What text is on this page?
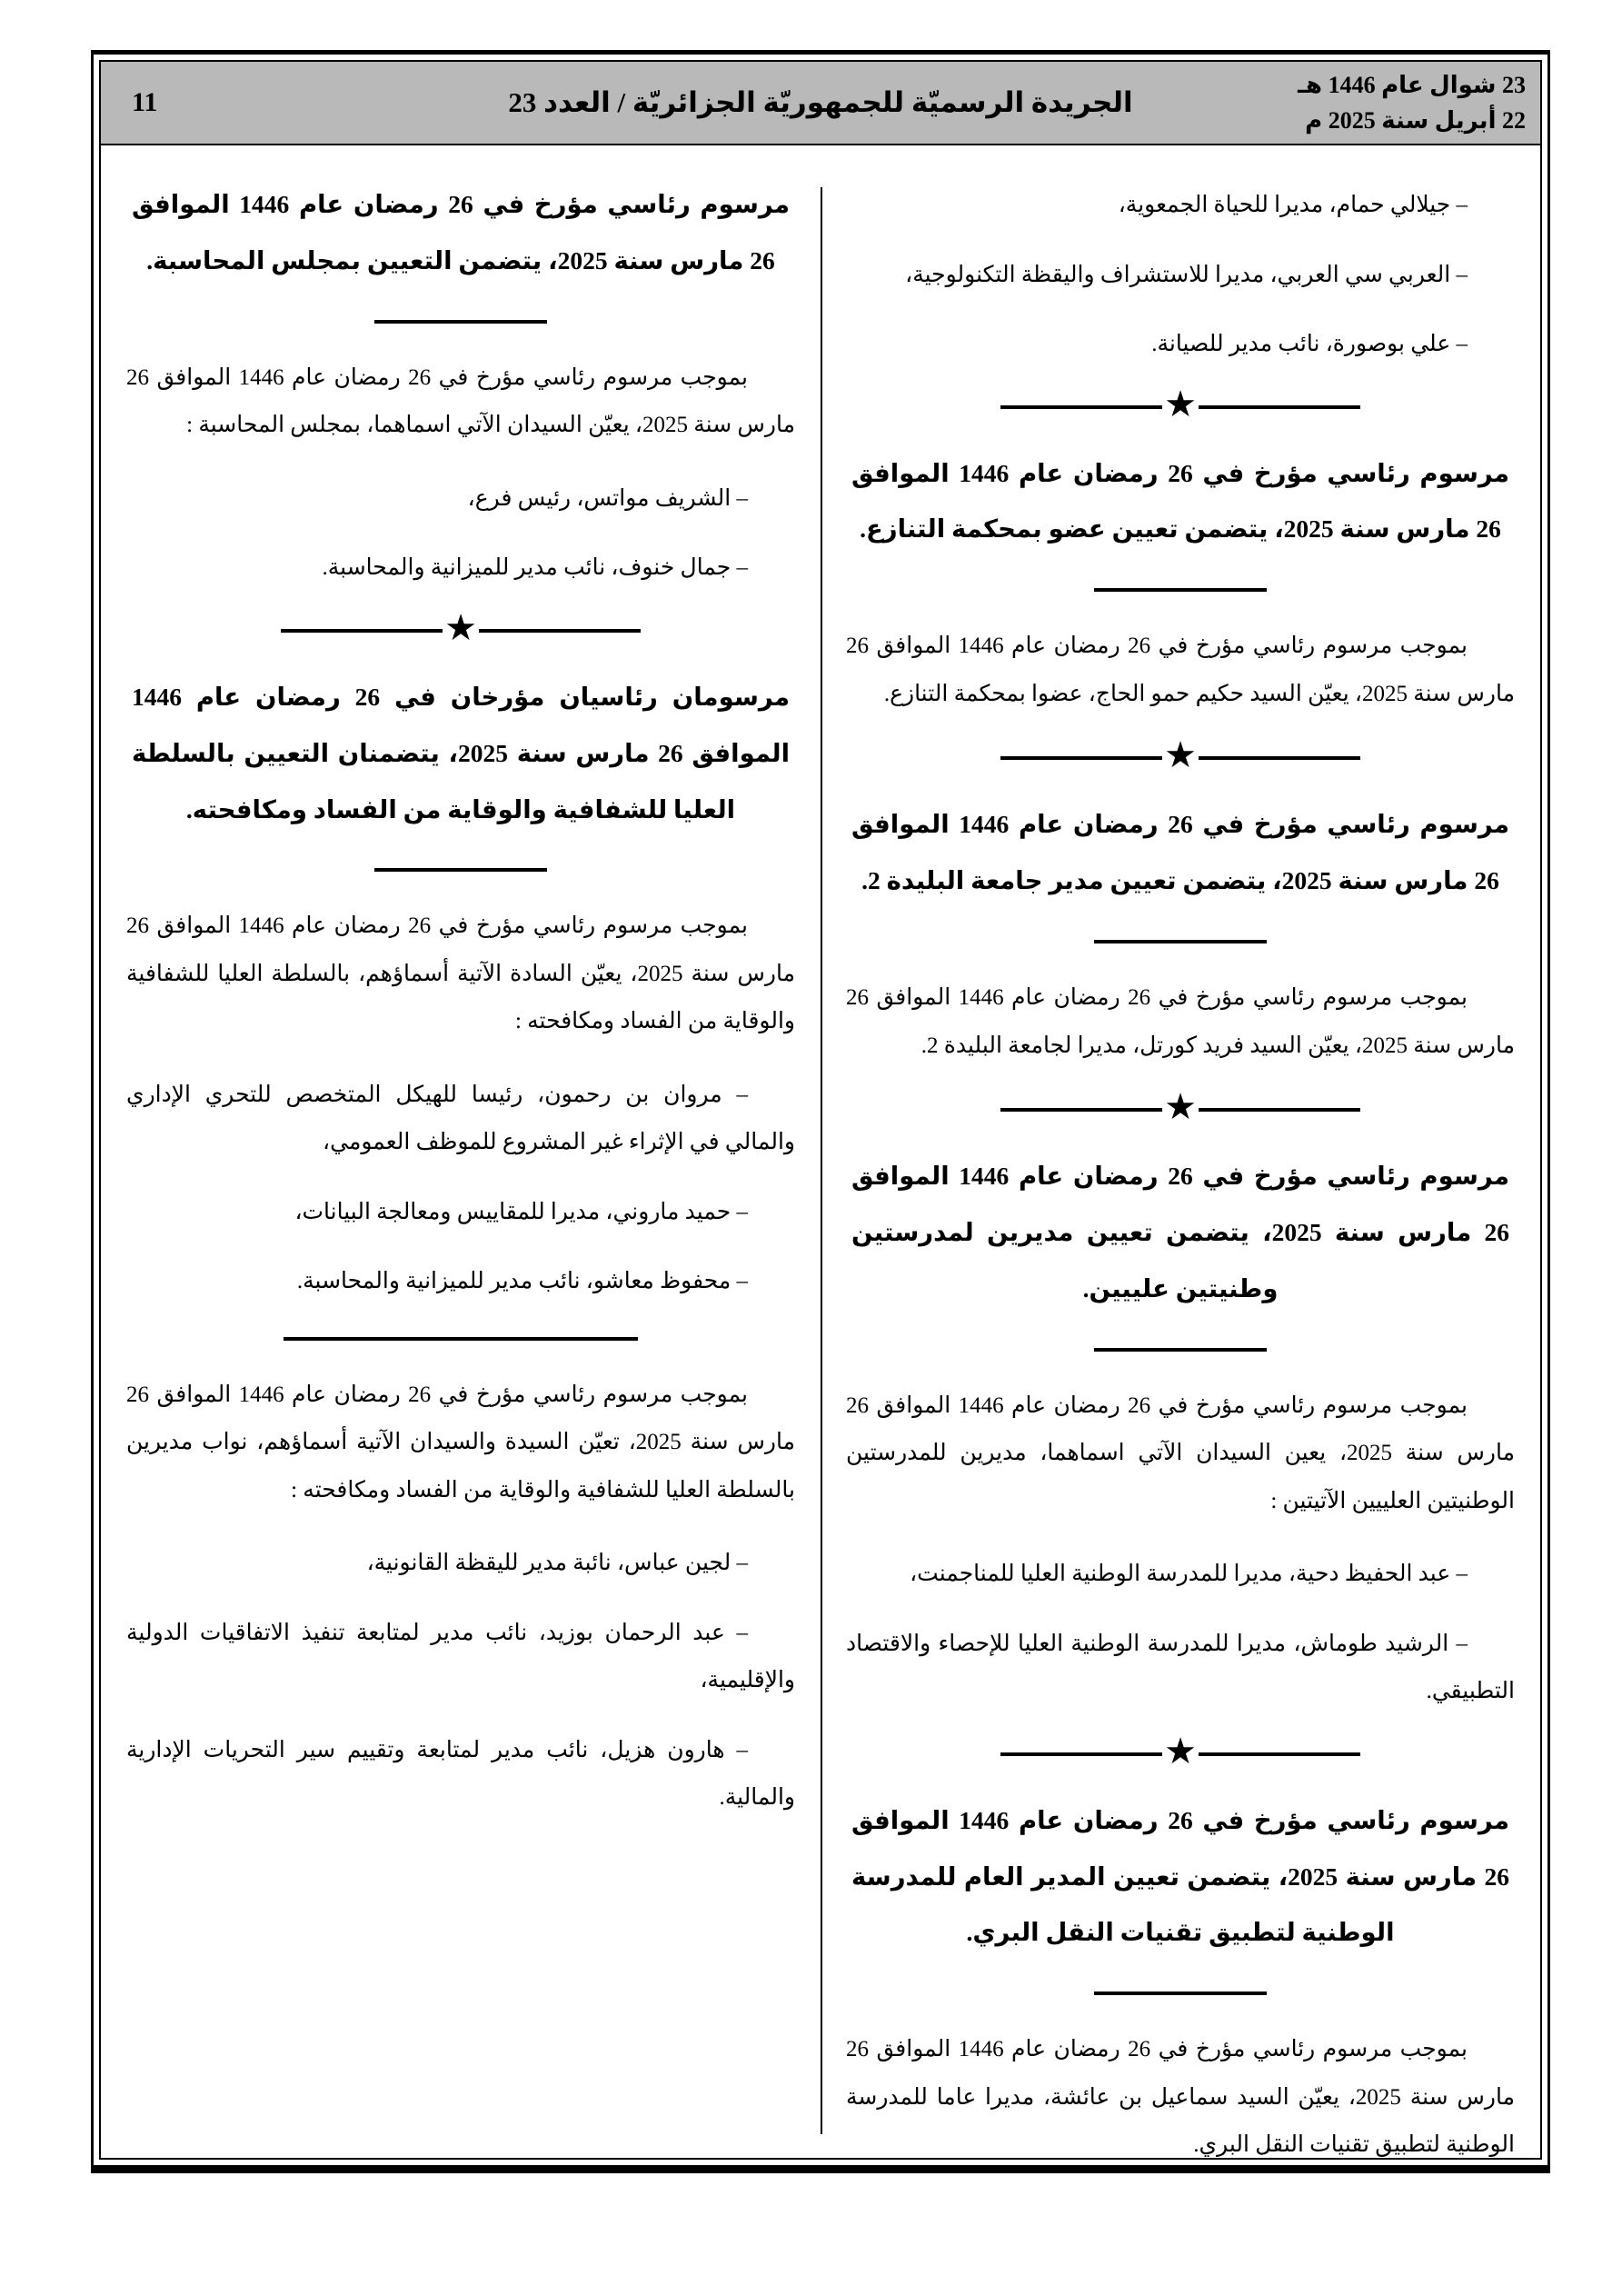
23 شوال عام 1446 هـ
22 أبريل سنة 2025 م
الجريدة الرسميّة للجمهوريّة الجزائريّة / العدد 23
11
– جيلالي حمام، مديرا للحياة الجمعوية،
– العربي سي العربي، مديرا للاستشراف واليقظة التكنولوجية،
– علي بوصورة، نائب مدير للصيانة.
★
مرسوم رئاسي مؤرخ في 26 رمضان عام 1446 الموافق 26 مارس سنة 2025، يتضمن تعيين عضو بمحكمة التنازع.
بموجب مرسوم رئاسي مؤرخ في 26 رمضان عام 1446 الموافق 26 مارس سنة 2025، يعيّن السيد حكيم حمو الحاج، عضوا بمحكمة التنازع.
★
مرسوم رئاسي مؤرخ في 26 رمضان عام 1446 الموافق 26 مارس سنة 2025، يتضمن تعيين مدير جامعة البليدة 2.
بموجب مرسوم رئاسي مؤرخ في 26 رمضان عام 1446 الموافق 26 مارس سنة 2025، يعيّن السيد فريد كورتل، مديرا لجامعة البليدة 2.
★
مرسوم رئاسي مؤرخ في 26 رمضان عام 1446 الموافق 26 مارس سنة 2025، يتضمن تعيين مديرين لمدرستين وطنيتين علييين.
بموجب مرسوم رئاسي مؤرخ في 26 رمضان عام 1446 الموافق 26 مارس سنة 2025، يعين السيدان الآتي اسماهما، مديرين للمدرستين الوطنيتين العلييين الآتيتين :
– عبد الحفيظ دحية، مديرا للمدرسة الوطنية العليا للمناجمنت،
– الرشيد طوماش، مديرا للمدرسة الوطنية العليا للإحصاء والاقتصاد التطبيقي.
★
مرسوم رئاسي مؤرخ في 26 رمضان عام 1446 الموافق 26 مارس سنة 2025، يتضمن تعيين المدير العام للمدرسة الوطنية لتطبيق تقنيات النقل البري.
بموجب مرسوم رئاسي مؤرخ في 26 رمضان عام 1446 الموافق 26 مارس سنة 2025، يعيّن السيد سماعيل بن عائشة، مديرا عاما للمدرسة الوطنية لتطبيق تقنيات النقل البري.
مرسوم رئاسي مؤرخ في 26 رمضان عام 1446 الموافق 26 مارس سنة 2025، يتضمن التعيين بمجلس المحاسبة.
بموجب مرسوم رئاسي مؤرخ في 26 رمضان عام 1446 الموافق 26 مارس سنة 2025، يعيّن السيدان الآتي اسماهما، بمجلس المحاسبة :
– الشريف مواتس، رئيس فرع،
– جمال خنوف، نائب مدير للميزانية والمحاسبة.
★
مرسومان رئاسيان مؤرخان في 26 رمضان عام 1446 الموافق 26 مارس سنة 2025، يتضمنان التعيين بالسلطة العليا للشفافية والوقاية من الفساد ومكافحته.
بموجب مرسوم رئاسي مؤرخ في 26 رمضان عام 1446 الموافق 26 مارس سنة 2025، يعيّن السادة الآتية أسماؤهم، بالسلطة العليا للشفافية والوقاية من الفساد ومكافحته :
– مروان بن رحمون، رئيسا للهيكل المتخصص للتحري الإداري والمالي في الإثراء غير المشروع للموظف العمومي،
– حميد ماروني، مديرا للمقاييس ومعالجة البيانات،
– محفوظ معاشو، نائب مدير للميزانية والمحاسبة.
بموجب مرسوم رئاسي مؤرخ في 26 رمضان عام 1446 الموافق 26 مارس سنة 2025، تعيّن السيدة والسيدان الآتية أسماؤهم، نواب مديرين بالسلطة العليا للشفافية والوقاية من الفساد ومكافحته :
– لجين عباس، نائبة مدير لليقظة القانونية،
– عبد الرحمان بوزيد، نائب مدير لمتابعة تنفيذ الاتفاقيات الدولية والإقليمية،
– هارون هزيل، نائب مدير لمتابعة وتقييم سير التحريات الإدارية والمالية.
